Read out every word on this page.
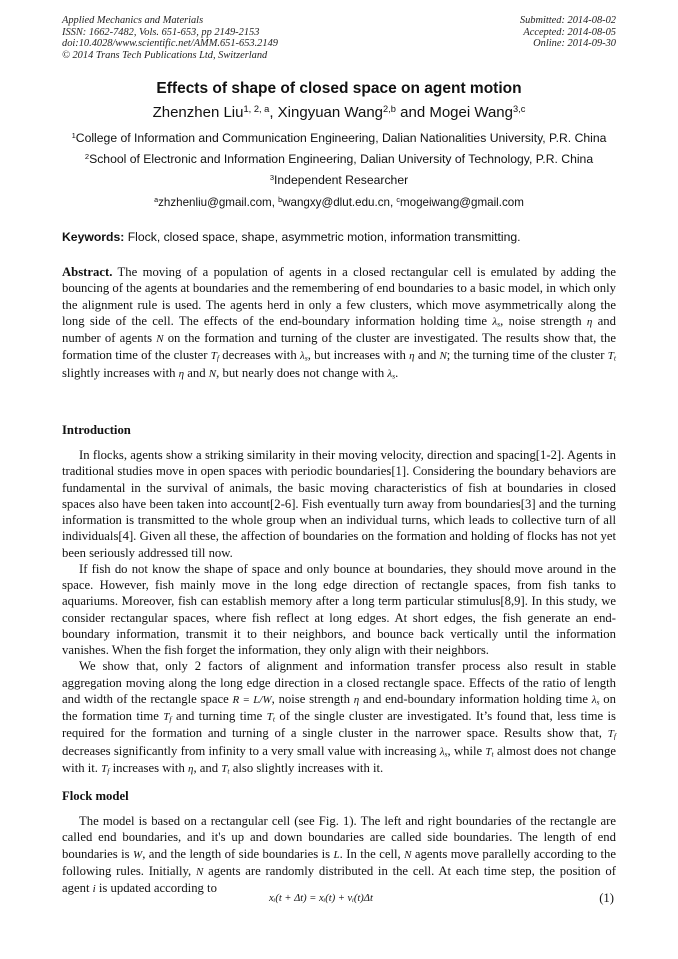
Applied Mechanics and Materials
ISSN: 1662-7482, Vols. 651-653, pp 2149-2153
doi:10.4028/www.scientific.net/AMM.651-653.2149
© 2014 Trans Tech Publications Ltd, Switzerland
Submitted: 2014-08-02
Accepted: 2014-08-05
Online: 2014-09-30
Effects of shape of closed space on agent motion
Zhenzhen Liu$^{1, 2, a}$, Xingyuan Wang$^{2,b}$ and Mogei Wang$^{3,c}$
$^1$College of Information and Communication Engineering, Dalian Nationalities University, P.R. China
$^2$School of Electronic and Information Engineering, Dalian University of Technology, P.R. China
$^3$Independent Researcher
$^a$zhzhenliu@gmail.com, $^b$wangxy@dlut.edu.cn, $^c$mogeiwang@gmail.com
Keywords: Flock, closed space, shape, asymmetric motion, information transmitting.
Abstract. The moving of a population of agents in a closed rectangular cell is emulated by adding the bouncing of the agents at boundaries and the remembering of end boundaries to a basic model, in which only the alignment rule is used. The agents herd in only a few clusters, which move asymmetrically along the long side of the cell. The effects of the end-boundary information holding time $\lambda_s$, noise strength η and number of agents N on the formation and turning of the cluster are investigated. The results show that, the formation time of the cluster $T_f$ decreases with $\lambda_s$, but increases with η and N; the turning time of the cluster $T_t$ slightly increases with η and N, but nearly does not change with $\lambda_s$.
Introduction
In flocks, agents show a striking similarity in their moving velocity, direction and spacing[1-2]. Agents in traditional studies move in open spaces with periodic boundaries[1]. Considering the boundary behaviors are fundamental in the survival of animals, the basic moving characteristics of fish at boundaries in closed spaces also have been taken into account[2-6]. Fish eventually turn away from boundaries[3] and the turning information is transmitted to the whole group when an individual turns, which leads to collective turn of all individuals[4]. Given all these, the affection of boundaries on the formation and holding of flocks has not yet been seriously addressed till now.
If fish do not know the shape of space and only bounce at boundaries, they should move around in the space. However, fish mainly move in the long edge direction of rectangle spaces, from fish tanks to aquariums. Moreover, fish can establish memory after a long term particular stimulus[8,9]. In this study, we consider rectangular spaces, where fish reflect at long edges. At short edges, the fish generate an end-boundary information, transmit it to their neighbors, and bounce back vertically until the information vanishes. When the fish forget the information, they only align with their neighbors.
We show that, only 2 factors of alignment and information transfer process also result in stable aggregation moving along the long edge direction in a closed rectangle space. Effects of the ratio of length and width of the rectangle space R = L/W, noise strength η and end-boundary information holding time $\lambda_s$ on the formation time $T_f$ and turning time $T_t$ of the single cluster are investigated. It’s found that, less time is required for the formation and turning of a single cluster in the narrower space. Results show that, $T_f$ decreases significantly from infinity to a very small value with increasing $\lambda_s$, while $T_t$ almost does not change with it. $T_f$ increases with η, and $T_t$ also slightly increases with it.
Flock model
The model is based on a rectangular cell (see Fig. 1). The left and right boundaries of the rectangle are called end boundaries, and it's up and down boundaries are called side boundaries. The length of end boundaries is W, and the length of side boundaries is L. In the cell, N agents move parallelly according to the following rules. Initially, N agents are randomly distributed in the cell. At each time step, the position of agent i is updated according to
xᵢ(t + Δt) = xᵢ(t) + vᵢ(t)Δt	(1)
